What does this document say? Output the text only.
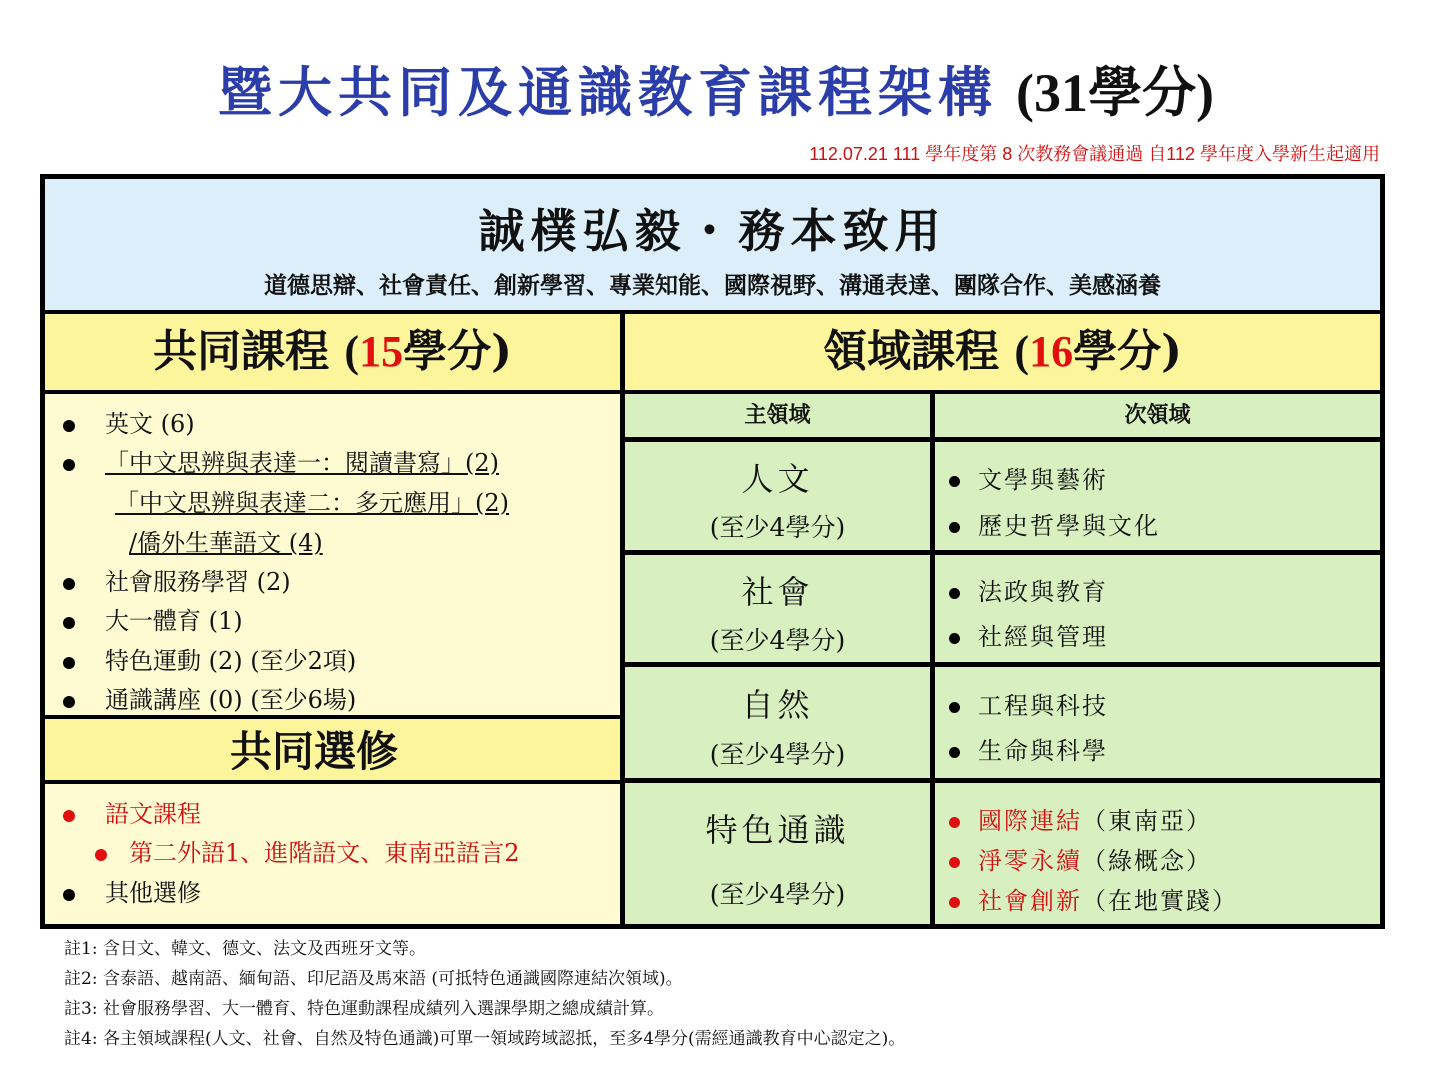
暨大共同及通識教育課程架構 (31學分)
112.07.21 111 學年度第 8 次教務會議通過 自112 學年度入學新生起適用
誠樸弘毅・務本致用
道德思辯、社會責任、創新學習、專業知能、國際視野、溝通表達、團隊合作、美感涵養
共同課程 (15學分)	領域課程 (16學分)
英文 (6)
「中文思辨與表達一：閱讀書寫」(2)
「中文思辨與表達二：多元應用」(2)
/僑外生華語文 (4)
社會服務學習 (2)
大一體育 (1)
特色運動 (2) (至少2項)
通識講座 (0) (至少6場)
共同選修
語文課程
第二外語1、進階語文、東南亞語言2
其他選修
主領域	次領域
人文
(至少4學分)
文學與藝術
歷史哲學與文化
社會
(至少4學分)
法政與教育
社經與管理
自然
(至少4學分)
工程與科技
生命與科學
特色通識
(至少4學分)
國際連結（東南亞）
淨零永續（綠概念）
社會創新（在地實踐）
註1: 含日文、韓文、德文、法文及西班牙文等。
註2: 含泰語、越南語、緬甸語、印尼語及馬來語 (可抵特色通識國際連結次領域)。
註3: 社會服務學習、大一體育、特色運動課程成績列入選課學期之總成績計算。
註4: 各主領域課程(人文、社會、自然及特色通識)可單一領域跨域認抵，至多4學分(需經通識教育中心認定之)。
